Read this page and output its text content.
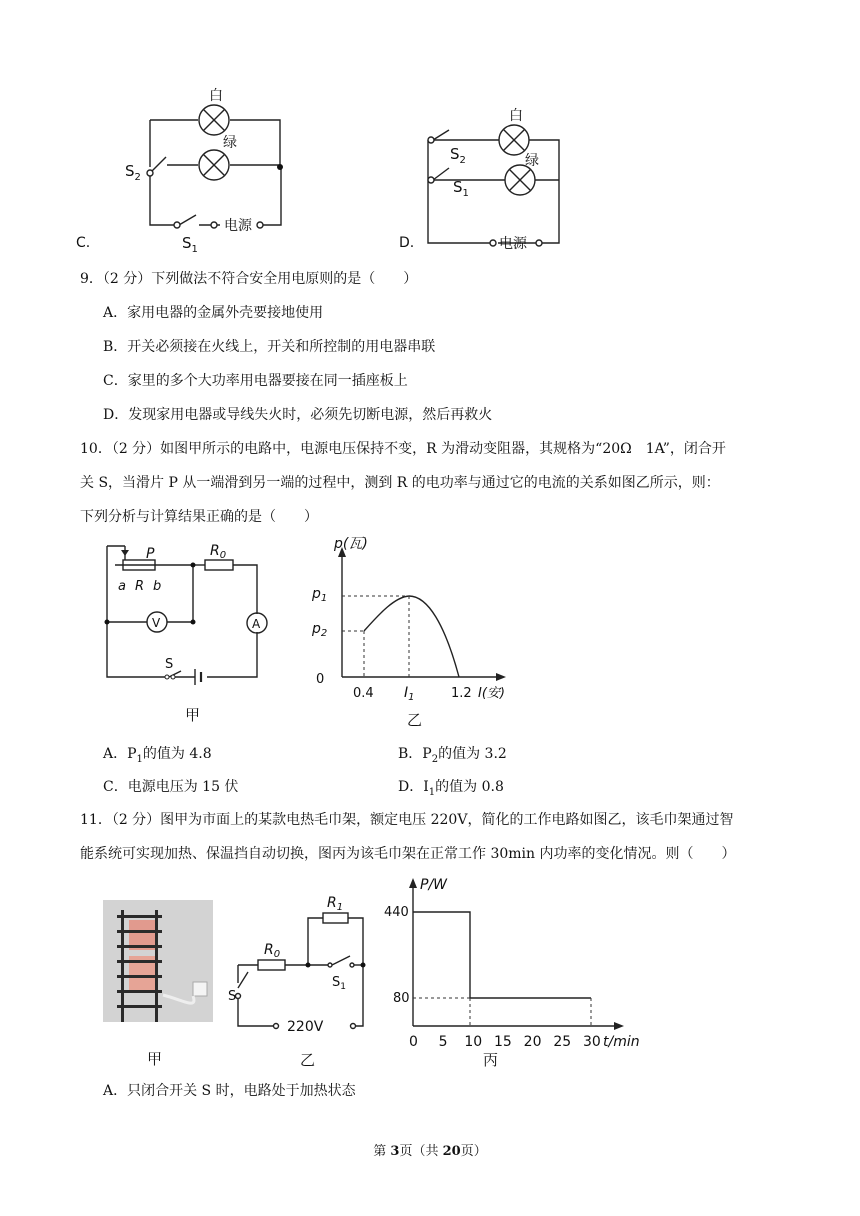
白
绿
$S_2$
$S_1$
电源
C.
白
绿
$S_2$
$S_1$
电源
D.
9．（2 分）下列做法不符合安全用电原则的是（　　）
A．家用电器的金属外壳要接地使用
B．开关必须接在火线上，开关和所控制的用电器串联
C．家里的多个大功率用电器要接在同一插座板上
D．发现家用电器或导线失火时，必须先切断电源，然后再救火
10．（2 分）如图甲所示的电路中，电源电压保持不变，R 为滑动变阻器，其规格为“20Ω　1A”，闭合开
关 S，当滑片 P 从一端滑到另一端的过程中，测到 R 的电功率与通过它的电流的关系如图乙所示，则：
下列分析与计算结果正确的是（　　）
P
a R b
$R_0$
V	A
S
甲
p(瓦)
$p_1$
$p_2$
0
0.4 $I_1$	1.2 I(安)
乙
A．$P_1$的值为 4.8	B．$P_2$的值为 3.2
C．电源电压为 15 伏	D．$I_1$的值为 0.8
11．（2 分）图甲为市面上的某款电热毛巾架，额定电压 220V，简化的工作电路如图乙，该毛巾架通过智
能系统可实现加热、保温挡自动切换，图丙为该毛巾架在正常工作 30min 内功率的变化情况。则（　　）
甲
$R_1$
$R_0$
S
$S_1$
220V
乙
P/W
440
80
0 5 10 15 20 25 30 t/min
丙
A．只闭合开关 S 时，电路处于加热状态
第 3页（共 20页）
